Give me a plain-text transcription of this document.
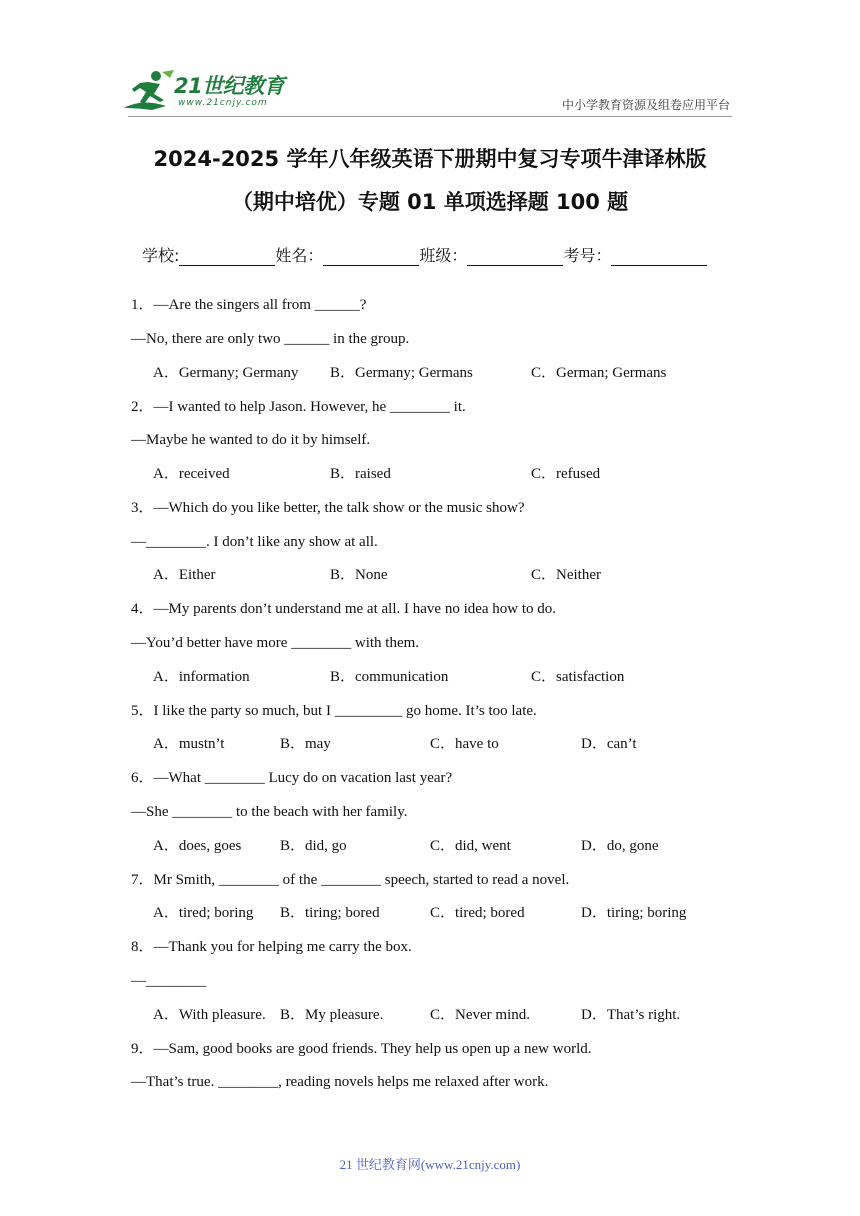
21世纪教育
www.21cnjy.com	中小学教育资源及组卷应用平台
2024-2025 学年八年级英语下册期中复习专项牛津译林版
（期中培优）专题 01 单项选择题 100 题
学校:	姓名：	班级：	考号：
1．—Are the singers all from ______?
—No, there are only two ______ in the group.
A．Germany; Germany B．Germany; Germans	C．German; Germans
2．—I wanted to help Jason. However, he ________ it.
—Maybe he wanted to do it by himself.
A．received	B．raised	C．refused
3．—Which do you like better, the talk show or the music show?
—________. I don’t like any show at all.
A．Either	B．None	C．Neither
4．—My parents don’t understand me at all. I have no idea how to do.
—You’d better have more ________ with them.
A．information	B．communication	C．satisfaction
5．I like the party so much, but I _________ go home. It’s too late.
A．mustn’t	B．may	C．have to	D．can’t
6．—What ________ Lucy do on vacation last year?
—She ________ to the beach with her family.
A．does, goes	B．did, go	C．did, went	D．do, gone
7．Mr Smith, ________ of the ________ speech, started to read a novel.
A．tired; boring B．tiring; bored	C．tired; bored	D．tiring; boring
8．—Thank you for helping me carry the box.
—________
A．With pleasure. B．My pleasure.	C．Never mind.	D．That’s right.
9．—Sam, good books are good friends. They help us open up a new world.
—That’s true. ________, reading novels helps me relaxed after work.
21 世纪教育网(www.21cnjy.com)
